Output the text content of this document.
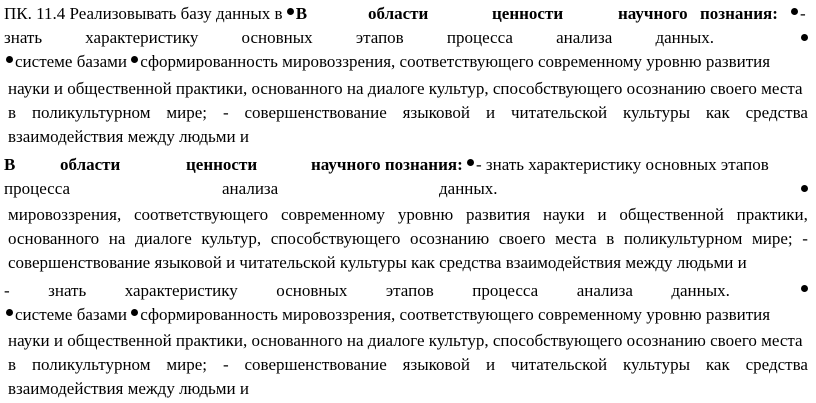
ПК. 11.4 Реализовывать базу данных в В	области	ценности	научного познания:	-
знать	характеристику	основных	этапов	процесса	анализа	данных.
системе базами сформированность мировоззрения, соответствующего современному уровню развития
науки и общественной практики, основанного на диалоге культур, способствующего осознанию своего места
в поликультурном мире; - совершенствование языковой и читательской культуры как средства
взаимодействия между людьми и
В	области	ценности	научного познания: - знать характеристику основных этапов
процесса	анализа	данных.
мировоззрения, соответствующего современному уровню развития науки и общественной практики,
основанного на диалоге культур, способствующего осознанию своего места в поликультурном мире; -
совершенствование языковой и читательской культуры как средства взаимодействия между людьми и
- знать характеристику основных этапов процесса анализа данных.
системе базами сформированность мировоззрения, соответствующего современному уровню развития
науки и общественной практики, основанного на диалоге культур, способствующего осознанию своего места
в поликультурном мире; - совершенствование языковой и читательской культуры как средства
взаимодействия между людьми и
